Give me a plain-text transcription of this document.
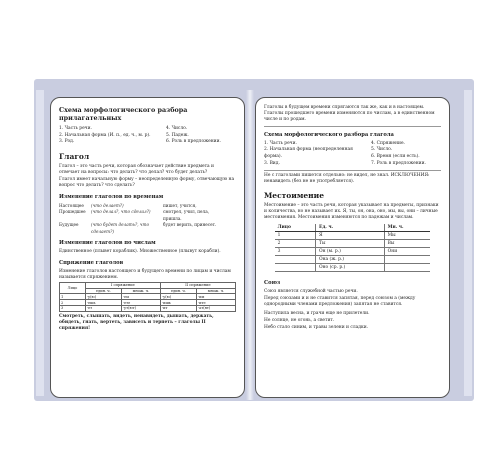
Схема морфологического разбора прилагательных
1. Часть речи.
2. Начальная форма (И. п., ед. ч., м. р).
3. Род.
4. Число.
5. Падеж.
6. Роль в предложении.
Глагол

Глагол – это часть речи, которая обозначает действие предмета и отвечает на вопросы: что делать? что делал? что будет делать?

Глагол имеет начальную форму – неопределенную форму, отвечающую на вопрос что делать? что сделать?

Изменение глаголов по временам
Настоящее	(что делает?)	пишет, учится,
Прошедшее	(что делал?, что сделал?)	смотрел, учил, пела,
пришла.
Будущее	(что будет делать?, что сделает?)
будет верить, принесет.
Изменение глаголов по числам

Единственное (плывет кораблик). Множественное (плывут корабли).

Спряжение глаголов

Изменение глаголов настоящего и будущего времени по лицам и числам называется спряжением.

Лицо	I спряжение		II спряжение	
	един. ч.	множ. ч.	един. ч.	множ. ч.
1	-у(ю)	-ем	-у(ю)	-им
2	-ешь	-ете	-ишь	-ите
3	-ет	-ут(ют)	-ит	-ат(ят)

Смотреть, слышать, видеть, ненавидеть, дышать, держать, обидеть, гнать, вертеть, зависеть и терпеть – глаголы II спряжения!

Глаголы в будущем времени спрягаются так же, как и в настоящем. Глаголы прошедшего времени изменяются по числам, а в единственном числе и по родам.

Схема морфологического разбора глагола
1. Часть речи.
2. Начальная форма (неопределенная форма).
3. Вид.
4. Спряжение.
5. Число.
6. Время (если есть).
7. Роль в предложении.

Не с глаголами пишется отдельно: не видел, не знал. ИСКЛЮЧЕНИЯ: ненавидеть (без не не употребляется).

Местоимение

Местоимение – это часть речи, которая указывает на предметы, признаки и количества, но не называет их. Я, ты, он, она, оно, мы, вы, они – личные местоимения. Местоимения изменяются по падежам и числам.

Лицо	Ед. ч.	Мн. ч.
1	Я	Мы
2	Ты	Вы
3	Он (м. р.)	Они
	Она (ж. р.)	
	Оно (ср. р.)	
Союз

Союз является служебной частью речи.

Перед союзами и и не ставится запятая, перед союзом а (между однородными членами предложения) запятая не ставится.

Наступила весна, и грачи еще не прилетели.

Не солнце, не огонь, а светит.

Небо стало синим, и травы зелени и сладки.
